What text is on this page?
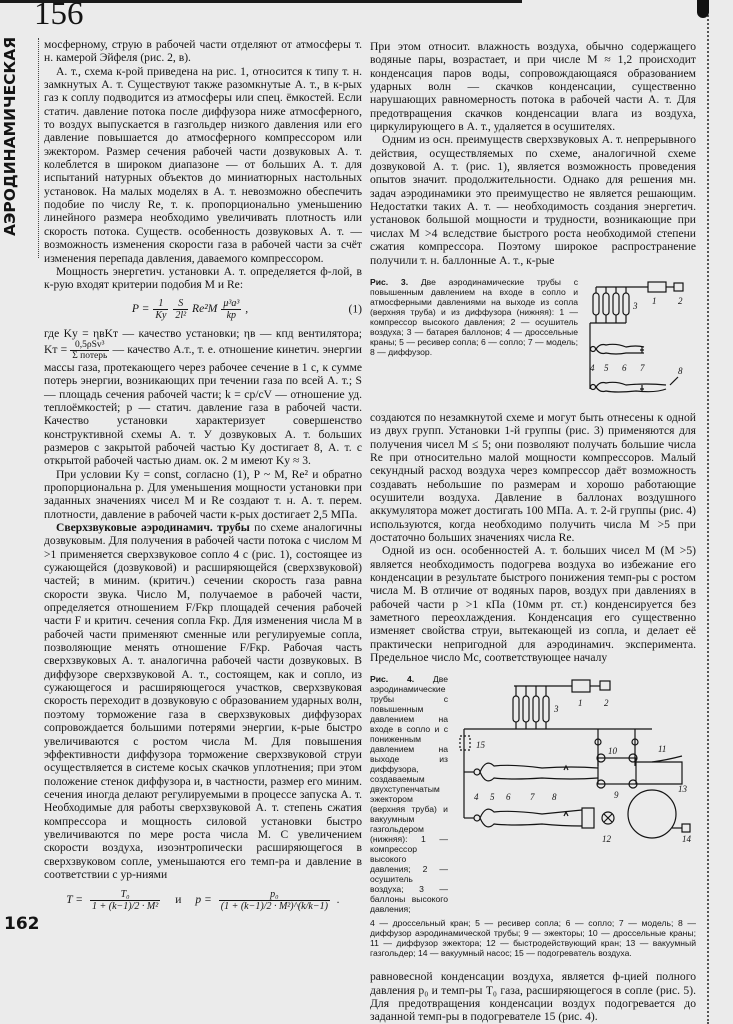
156
АЭРОДИНАМИЧЕСКАЯ мосферному, струю в рабочей части отделяют от атмосферы т. н. камерой Эйфеля (рис. 2, в).

А. т., схема к-рой приведена на рис. 1, относится к типу т. н. замкнутых А. т. Существуют также разомкнутые А. т., в к-рых газ к соплу подводится из атмосферы или спец. ёмкостей. Если статич. давление потока после диффузора ниже атмосферного, то воздух выпускается в газгольдер низкого давления или его давление повышается до атмосферного компрессором или эжектором. Размер сечения рабочей части дозвуковых А. т. колеблется в широком диапазоне — от больших А. т. для испытаний натурных объектов до миниатюрных настольных установок. На малых моделях в А. т. невозможно обеспечить подобие по числу Re, т. к. пропорционально уменьшению линейного размера необходимо увеличивать плотность или скорость потока. Существ. особенность дозвуковых А. т. — возможность изменения скорости газа в рабочей части за счёт изменения перепада давления, даваемого компрессором.

Мощность энергетич. установки А. т. определяется ф-лой, в к-рую входят критерии подобия M и Re:

$P = \frac{1}{Kу}$
$\frac{S}{\text{2l²}} Re^2M \frac{\text{μ³a³}}{kp}$ ,	(1)

где Kу = ηвKт — качество установки; ηв — кпд вентилятора; Kт = $\frac{\text{0,5ρSv³}}{\text{Σ потерь}}$ — качество А.т., т. е. отношение кинетич. энергии массы газа, протекающего через рабочее сечение в 1 с, к сумме потерь энергии, возникающих при течении газа по всей А. т.; S — площадь сечения рабочей части; k = cp/cV — отношение уд. теплоёмкостей; p — статич. давление газа в рабочей части. Качество установки характеризует совершенство конструктивной схемы А. т. У дозвуковых А. т. больших размеров с закрытой рабочей частью Kу достигает 8, А. т. с открытой рабочей частью диам. ок. 2 м имеют Kу ≈ 3.

При условии Kу = const, согласно (1), P ~ M, Re² и обратно пропорциональна p. Для уменьшения мощности установки при заданных значениях чисел M и Re создают т. н. А. т. перем. плотности, давление в рабочей части к-рых достигает 2,5 МПа.

Сверхзвуковые аэродинамич. трубы по схеме аналогичны дозвуковым. Для получения в рабочей части потока с числом M >1 применяется сверхзвуковое сопло 4 с (рис. 1), состоящее из сужающейся (дозвуковой) и расширяющейся (сверхзвуковой) частей; в миним. (критич.) сечении скорость газа равна скорости звука. Число M, получаемое в рабочей части, определяется отношением F/Fкр площадей сечения рабочей части F и критич. сечения сопла Fкр. Для изменения числа M в рабочей части применяют сменные или регулируемые сопла, позволяющие менять отношение F/Fкр. Рабочая часть сверхзвуковых А. т. аналогична рабочей части дозвуковых. В диффузоре сверхзвуковой А. т., состоящем, как и сопло, из сужающегося и расширяющегося участков, сверхзвуковая скорость переходит в дозвуковую с образованием ударных волн, поэтому торможение газа в сверхзвуковых диффузорах сопровождается большими потерями энергии, к-рые быстро увеличиваются с ростом числа M. Для повышения эффективности диффузора торможение сверхзвуковой струи осуществляется в системе косых скачков уплотнения; при этом положение стенок диффузора и, в частности, размер его миним. сечения иногда делают регулируемыми в процессе запуска А. т. Необходимые для работы сверхзвуковой А. т. степень сжатия компрессора и мощность силовой установки быстро увеличиваются по мере роста числа M. С увеличением скорости воздуха, изоэнтропически расширяющегося в сверхзвуковом сопле, уменьшаются его темп-ра и давление в соответствии с ур-ниями

$T = \frac{\text{T₀}}{\text{1 + (k−1)/2 · M²}}$ и $p = \frac{\text{p₀}}{\text{(1 + (k−1)/2 · M²)\textasciicircum{}(k/k−1)}}$ .
162

При этом относит. влажность воздуха, обычно содержащего водяные пары, возрастает, и при числе M ≈ 1,2 происходит конденсация паров воды, сопровождающаяся образованием ударных волн — скачков конденсации, существенно нарушающих равномерность потока в рабочей части А. т. Для предотвращения скачков конденсации влага из воздуха, циркулирующего в А. т., удаляется в осушителях.

Одним из осн. преимуществ сверхзвуковых А. т. непрерывного действия, осуществляемых по схеме, аналогичной схеме дозвуковой А. т. (рис. 1), является возможность проведения опытов значит. продолжительности. Однако для решения мн. задач аэродинамики это преимущество не является решающим. Недостатки таких А. т. — необходимость создания энергетич. установок большой мощности и трудности, возникающие при числах M >4 вследствие быстрого роста необходимой степени сжатия компрессора. Поэтому широкое распространение получили т. н. баллонные А. т., к-рые

Рис. 3. Две аэродинамические трубы с повышенным давлением на входе в сопло и атмосферными давлениями на выходе из сопла (верхняя труба) и из диффузора (нижняя): 1 — компрессор высокого давления; 2 — осушитель воздуха; 3 — батарея баллонов; 4 — дроссельные краны; 5 — ресивер сопла; 6 — сопло; 7 — модель; 8 — диффузор.
1 2
3
4 5 6 7	8

создаются по незамкнутой схеме и могут быть отнесены к одной из двух групп. Установки 1-й группы (рис. 3) применяются для получения чисел M ≤ 5; они позволяют получать большие числа Re при относительно малой мощности компрессоров. Малый секундный расход воздуха через компрессор даёт возможность создавать небольшие по размерам и хорошо работающие осушители воздуха. Давление в баллонах воздушного аккумулятора может достигать 100 МПа. А. т. 2-й группы (рис. 4) используются, когда необходимо получить числа M >5 при достаточно больших значениях числа Re.

Одной из осн. особенностей А. т. больших чисел M (M >5) является необходимость подогрева воздуха во избежание его конденсации в результате быстрого понижения темп-ры с ростом числа M. В отличие от водяных паров, воздух при давлениях в рабочей части p >1 кПа (10мм рт. ст.) конденсируется без заметного переохлаждения. Конденсация его существенно изменяет свойства струи, вытекающей из сопла, и делает её практически непригодной для аэродинамич. эксперимента. Предельное число Mc, соответствующее началу

Рис. 4. Две аэродинамические трубы с повышенным давлением на входе в сопло и с пониженным давлением на выходе из диффузора, создаваемым двухступенчатым эжектором (верхняя труба) и вакуумным газгольдером (нижняя): 1 — компрессор высокого давления; 2 — осушитель воздуха; 3 — баллоны высокого давления;
1 2
3
4 5 6 7 8	9
10	11
12
13
14
15
4 — дроссельный кран; 5 — ресивер сопла; 6 — сопло; 7 — модель; 8 — диффузор аэродинамической трубы; 9 — эжекторы; 10 — дроссельные краны; 11 — диффузор эжектора; 12 — быстродействующий кран; 13 — вакуумный газгольдер; 14 — вакуумный насос; 15 — подогреватель воздуха.

равновесной конденсации воздуха, является ф-цией полного давления p₀ и темп-ры T₀ газа, расширяющегося в сопле (рис. 5). Для предотвращения конденсации воздух подогревается до заданной темп-ры в подогревателе 15 (рис. 4).
